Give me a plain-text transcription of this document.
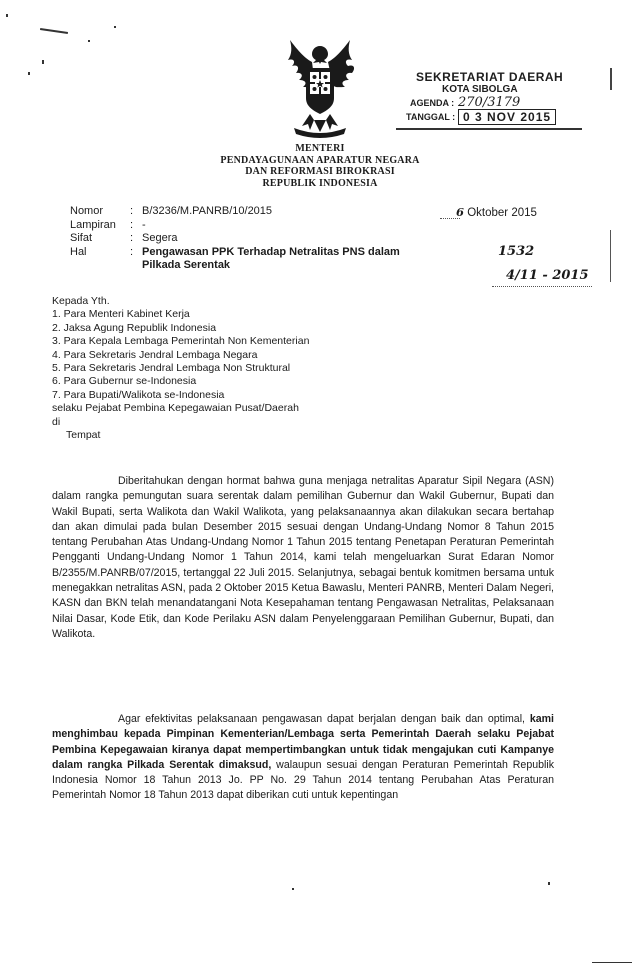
SEKRETARIAT DAERAH
KOTA SIBOLGA
AGENDA : 270/3179
TANGGAL : 0 3 NOV 2015
MENTERI
PENDAYAGUNAAN APARATUR NEGARA
DAN REFORMASI BIROKRASI
REPUBLIK INDONESIA
Nomor : B/3236/M.PANRB/10/2015
Lampiran : -
Sifat	: Segera
Hal	: Pengawasan PPK Terhadap Netralitas PNS dalam
Pilkada Serentak
6 Oktober 2015
1532
4/11 - 2015
Kepada Yth.
1. Para Menteri Kabinet Kerja
2. Jaksa Agung Republik Indonesia
3. Para Kepala Lembaga Pemerintah Non Kementerian
4. Para Sekretaris Jendral Lembaga Negara
5. Para Sekretaris Jendral Lembaga Non Struktural
6. Para Gubernur se-Indonesia
7. Para Bupati/Walikota se-Indonesia
selaku Pejabat Pembina Kepegawaian Pusat/Daerah
di
Tempat

Diberitahukan dengan hormat bahwa guna menjaga netralitas Aparatur Sipil Negara (ASN) dalam rangka pemungutan suara serentak dalam pemilihan Gubernur dan Wakil Gubernur, Bupati dan Wakil Bupati, serta Walikota dan Wakil Walikota, yang pelaksanaannya akan dilakukan secara bertahap dan akan dimulai pada bulan Desember 2015 sesuai dengan Undang-Undang Nomor 8 Tahun 2015 tentang Perubahan Atas Undang-Undang Nomor 1 Tahun 2015 tentang Penetapan Peraturan Pemerintah Pengganti Undang-Undang Nomor 1 Tahun 2014, kami telah mengeluarkan Surat Edaran Nomor B/2355/M.PANRB/07/2015, tertanggal 22 Juli 2015. Selanjutnya, sebagai bentuk komitmen bersama untuk menegakkan netralitas ASN, pada 2 Oktober 2015 Ketua Bawaslu, Menteri PANRB, Menteri Dalam Negeri, KASN dan BKN telah menandatangani Nota Kesepahaman tentang Pengawasan Netralitas, Pelaksanaan Nilai Dasar, Kode Etik, dan Kode Perilaku ASN dalam Penyelenggaraan Pemilihan Gubernur, Bupati, dan Walikota.

Agar efektivitas pelaksanaan pengawasan dapat berjalan dengan baik dan optimal, kami menghimbau kepada Pimpinan Kementerian/Lembaga serta Pemerintah Daerah selaku Pejabat Pembina Kepegawaian kiranya dapat mempertimbangkan untuk tidak mengajukan cuti Kampanye dalam rangka Pilkada Serentak dimaksud, walaupun sesuai dengan Peraturan Pemerintah Republik Indonesia Nomor 18 Tahun 2013 Jo. PP No. 29 Tahun 2014 tentang Perubahan Atas Peraturan Pemerintah Nomor 18 Tahun 2013 dapat diberikan cuti untuk kepentingan
